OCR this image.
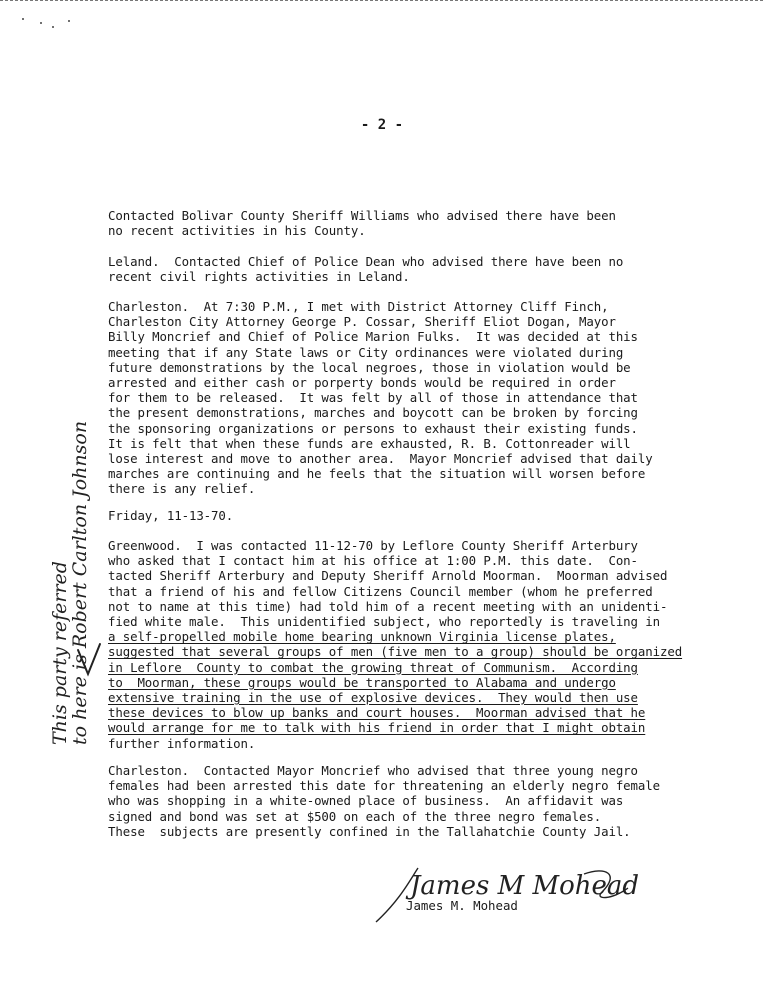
- 2 -
Contacted Bolivar County Sheriff Williams who advised there have been
no recent activities in his County.
Leland.  Contacted Chief of Police Dean who advised there have been no
recent civil rights activities in Leland.
Charleston.  At 7:30 P.M., I met with District Attorney Cliff Finch,
Charleston City Attorney George P. Cossar, Sheriff Eliot Dogan, Mayor
Billy Moncrief and Chief of Police Marion Fulks.  It was decided at this
meeting that if any State laws or City ordinances were violated during
future demonstrations by the local negroes, those in violation would be
arrested and either cash or porperty bonds would be required in order
for them to be released.  It was felt by all of those in attendance that
the present demonstrations, marches and boycott can be broken by forcing
the sponsoring organizations or persons to exhaust their existing funds.
It is felt that when these funds are exhausted, R. B. Cottonreader will
lose interest and move to another area.  Mayor Moncrief advised that daily
marches are continuing and he feels that the situation will worsen before
there is any relief.
Friday, 11-13-70.
Greenwood.  I was contacted 11-12-70 by Leflore County Sheriff Arterbury
who asked that I contact him at his office at 1:00 P.M. this date.  Con-
tacted Sheriff Arterbury and Deputy Sheriff Arnold Moorman.  Moorman advised
that a friend of his and fellow Citizens Council member (whom he preferred
not to name at this time) had told him of a recent meeting with an unidenti-
fied white male.  This unidentified subject, who reportedly is traveling in
a self-propelled mobile home bearing unknown Virginia license plates,
suggested that several groups of men (five men to a group) should be organized
in Leflore  County to combat the growing threat of Communism.  According
to  Moorman, these groups would be transported to Alabama and undergo
extensive training in the use of explosive devices.  They would then use
these devices to blow up banks and court houses.  Moorman advised that he
would arrange for me to talk with his friend in order that I might obtain
further information.
Charleston.  Contacted Mayor Moncrief who advised that three young negro
females had been arrested this date for threatening an elderly negro female
who was shopping in a white-owned place of business.  An affidavit was
signed and bond was set at $500 on each of the three negro females.
These  subjects are presently confined in the Tallahatchie County Jail.
This party referred
to here is Robert Carlton Johnson
James M Mohead
James M. Mohead
